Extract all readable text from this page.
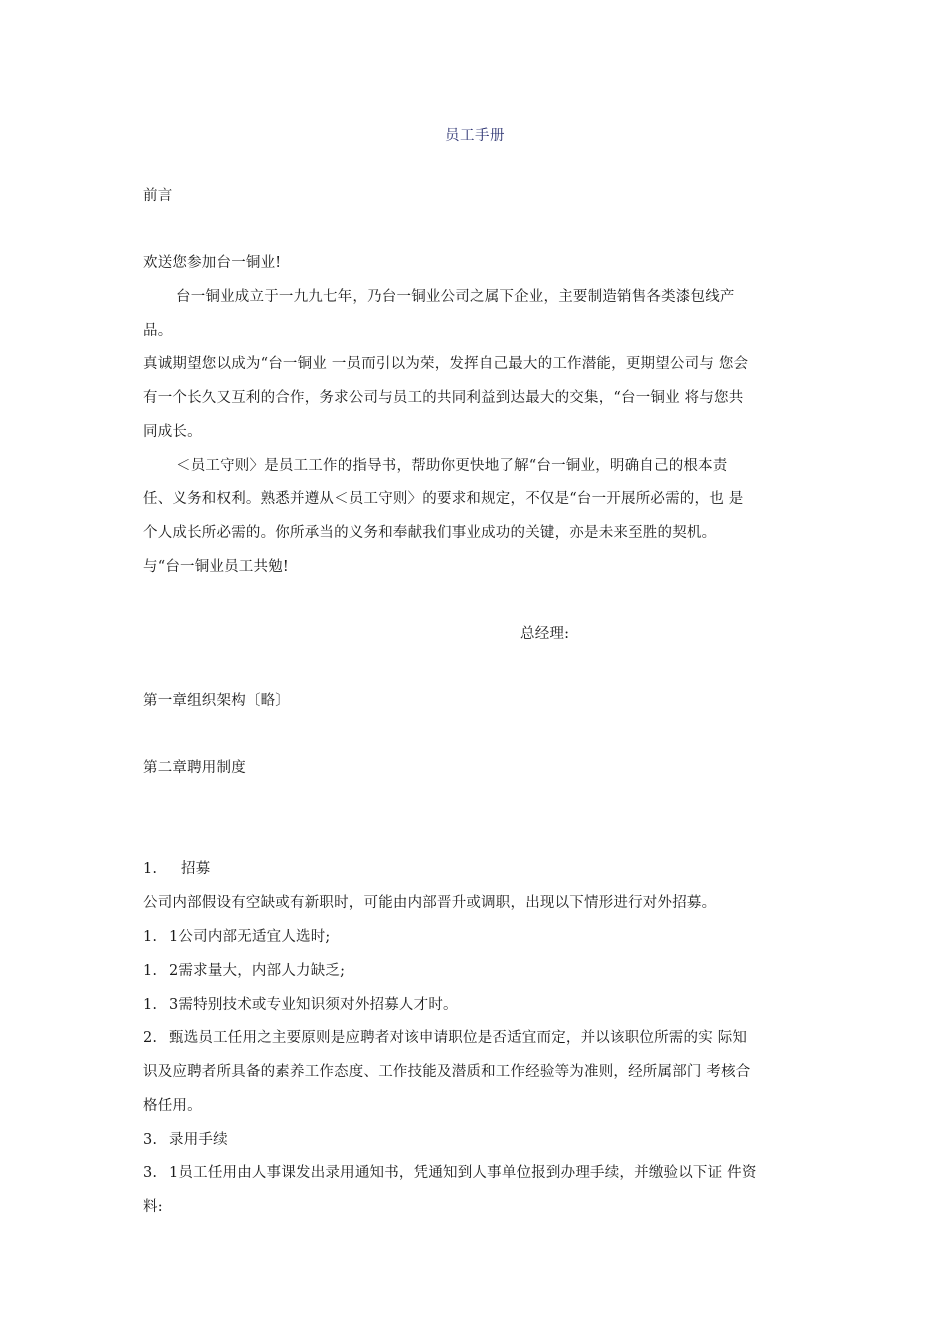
员工手册
前言
欢送您参加台一铜业!
台一铜业成立于一九九七年，乃台一铜业公司之属下企业，主要制造销售各类漆包线产
品。
真诚期望您以成为“台一铜业 一员而引以为荣，发挥自己最大的工作潜能，更期望公司与 您会
有一个长久又互利的合作，务求公司与员工的共同利益到达最大的交集，“台一铜业 将与您共
同成长。
＜员工守则〉是员工工作的指导书，帮助你更快地了解“台一铜业，明确自己的根本责
任、义务和权利。熟悉并遵从＜员工守则〉的要求和规定，不仅是“台一开展所必需的，也 是
个人成长所必需的。你所承当的义务和奉献我们事业成功的关键，亦是未来至胜的契机。
与“台一铜业员工共勉!
总经理:
第一章组织架构〔略〕
第二章聘用制度
1. 招募
公司内部假设有空缺或有新职时，可能由内部晋升或调职，出现以下情形进行对外招募。
1. 1公司内部无适宜人选时;
1. 2需求量大，内部人力缺乏;
1. 3需特别技术或专业知识须对外招募人才时。
2. 甄选员工任用之主要原则是应聘者对该申请职位是否适宜而定，并以该职位所需的实 际知
识及应聘者所具备的素养工作态度、工作技能及潜质和工作经验等为准则，经所属部门 考核合
格任用。
3. 录用手续
3. 1员工任用由人事课发出录用通知书，凭通知到人事单位报到办理手续，并缴验以下证 件资
料:
